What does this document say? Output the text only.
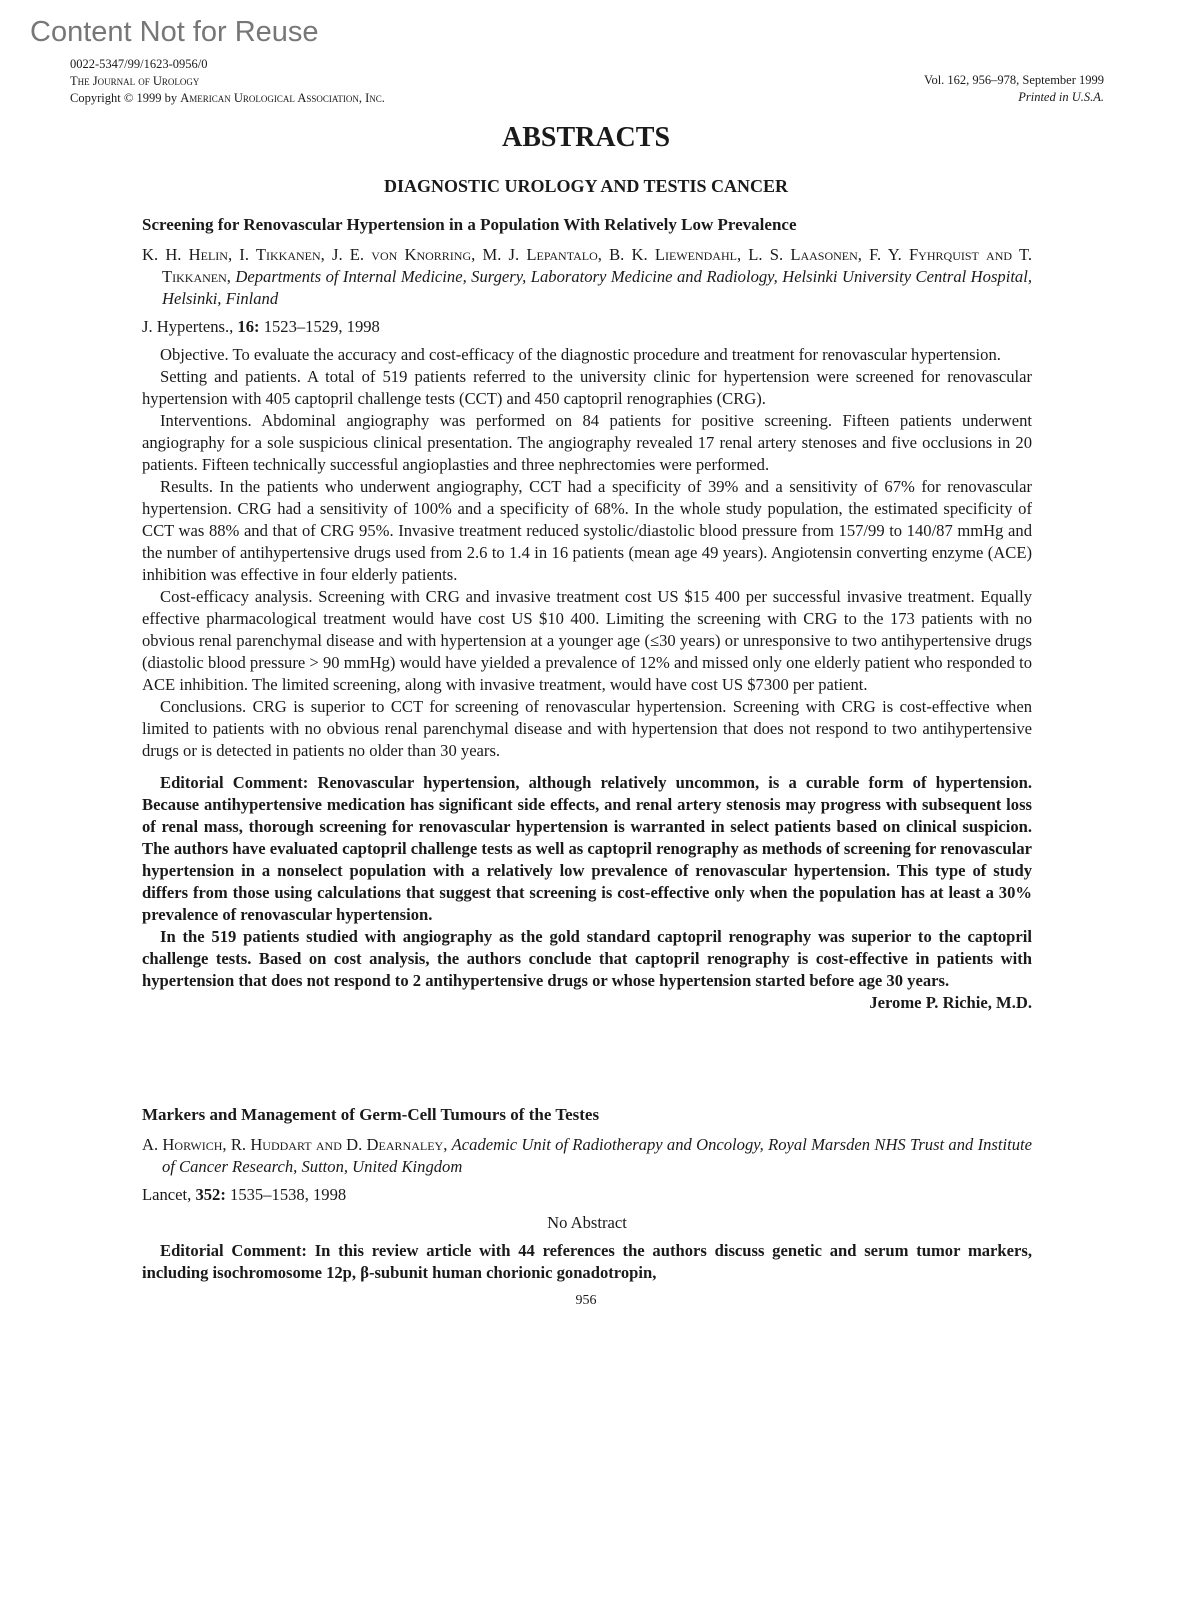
Content Not for Reuse
0022-5347/99/1623-0956/0
The Journal of Urology
Copyright © 1999 by American Urological Association, Inc.
Vol. 162, 956–978, September 1999
Printed in U.S.A.
ABSTRACTS
DIAGNOSTIC UROLOGY AND TESTIS CANCER
Screening for Renovascular Hypertension in a Population With Relatively Low Prevalence
K. H. Helin, I. Tikkanen, J. E. von Knorring, M. J. Lepantalo, B. K. Liewendahl, L. S. Laasonen, F. Y. Fyhrquist and T. Tikkanen, Departments of Internal Medicine, Surgery, Laboratory Medicine and Radiology, Helsinki University Central Hospital, Helsinki, Finland
J. Hypertens., 16: 1523–1529, 1998

Objective. To evaluate the accuracy and cost-efficacy of the diagnostic procedure and treatment for renovascular hypertension.

Setting and patients. A total of 519 patients referred to the university clinic for hypertension were screened for renovascular hypertension with 405 captopril challenge tests (CCT) and 450 captopril renographies (CRG).

Interventions. Abdominal angiography was performed on 84 patients for positive screening. Fifteen patients underwent angiography for a sole suspicious clinical presentation. The angiography revealed 17 renal artery stenoses and five occlusions in 20 patients. Fifteen technically successful angioplasties and three nephrectomies were performed.

Results. In the patients who underwent angiography, CCT had a specificity of 39% and a sensitivity of 67% for renovascular hypertension. CRG had a sensitivity of 100% and a specificity of 68%. In the whole study population, the estimated specificity of CCT was 88% and that of CRG 95%. Invasive treatment reduced systolic/diastolic blood pressure from 157/99 to 140/87 mmHg and the number of antihypertensive drugs used from 2.6 to 1.4 in 16 patients (mean age 49 years). Angiotensin converting enzyme (ACE) inhibition was effective in four elderly patients.

Cost-efficacy analysis. Screening with CRG and invasive treatment cost US $15 400 per successful invasive treatment. Equally effective pharmacological treatment would have cost US $10 400. Limiting the screening with CRG to the 173 patients with no obvious renal parenchymal disease and with hypertension at a younger age (≤30 years) or unresponsive to two antihypertensive drugs (diastolic blood pressure > 90 mmHg) would have yielded a prevalence of 12% and missed only one elderly patient who responded to ACE inhibition. The limited screening, along with invasive treatment, would have cost US $7300 per patient.

Conclusions. CRG is superior to CCT for screening of renovascular hypertension. Screening with CRG is cost-effective when limited to patients with no obvious renal parenchymal disease and with hypertension that does not respond to two antihypertensive drugs or is detected in patients no older than 30 years.

Editorial Comment: Renovascular hypertension, although relatively uncommon, is a curable form of hypertension. Because antihypertensive medication has significant side effects, and renal artery stenosis may progress with subsequent loss of renal mass, thorough screening for renovascular hypertension is warranted in select patients based on clinical suspicion. The authors have evaluated captopril challenge tests as well as captopril renography as methods of screening for renovascular hypertension in a nonselect population with a relatively low prevalence of renovascular hypertension. This type of study differs from those using calculations that suggest that screening is cost-effective only when the population has at least a 30% prevalence of renovascular hypertension.

In the 519 patients studied with angiography as the gold standard captopril renography was superior to the captopril challenge tests. Based on cost analysis, the authors conclude that captopril renography is cost-effective in patients with hypertension that does not respond to 2 antihypertensive drugs or whose hypertension started before age 30 years.

Jerome P. Richie, M.D.

Markers and Management of Germ-Cell Tumours of the Testes
A. Horwich, R. Huddart and D. Dearnaley, Academic Unit of Radiotherapy and Oncology, Royal Marsden NHS Trust and Institute of Cancer Research, Sutton, United Kingdom
Lancet, 352: 1535–1538, 1998
No Abstract

Editorial Comment: In this review article with 44 references the authors discuss genetic and serum tumor markers, including isochromosome 12p, β-subunit human chorionic gonadotropin,

956
